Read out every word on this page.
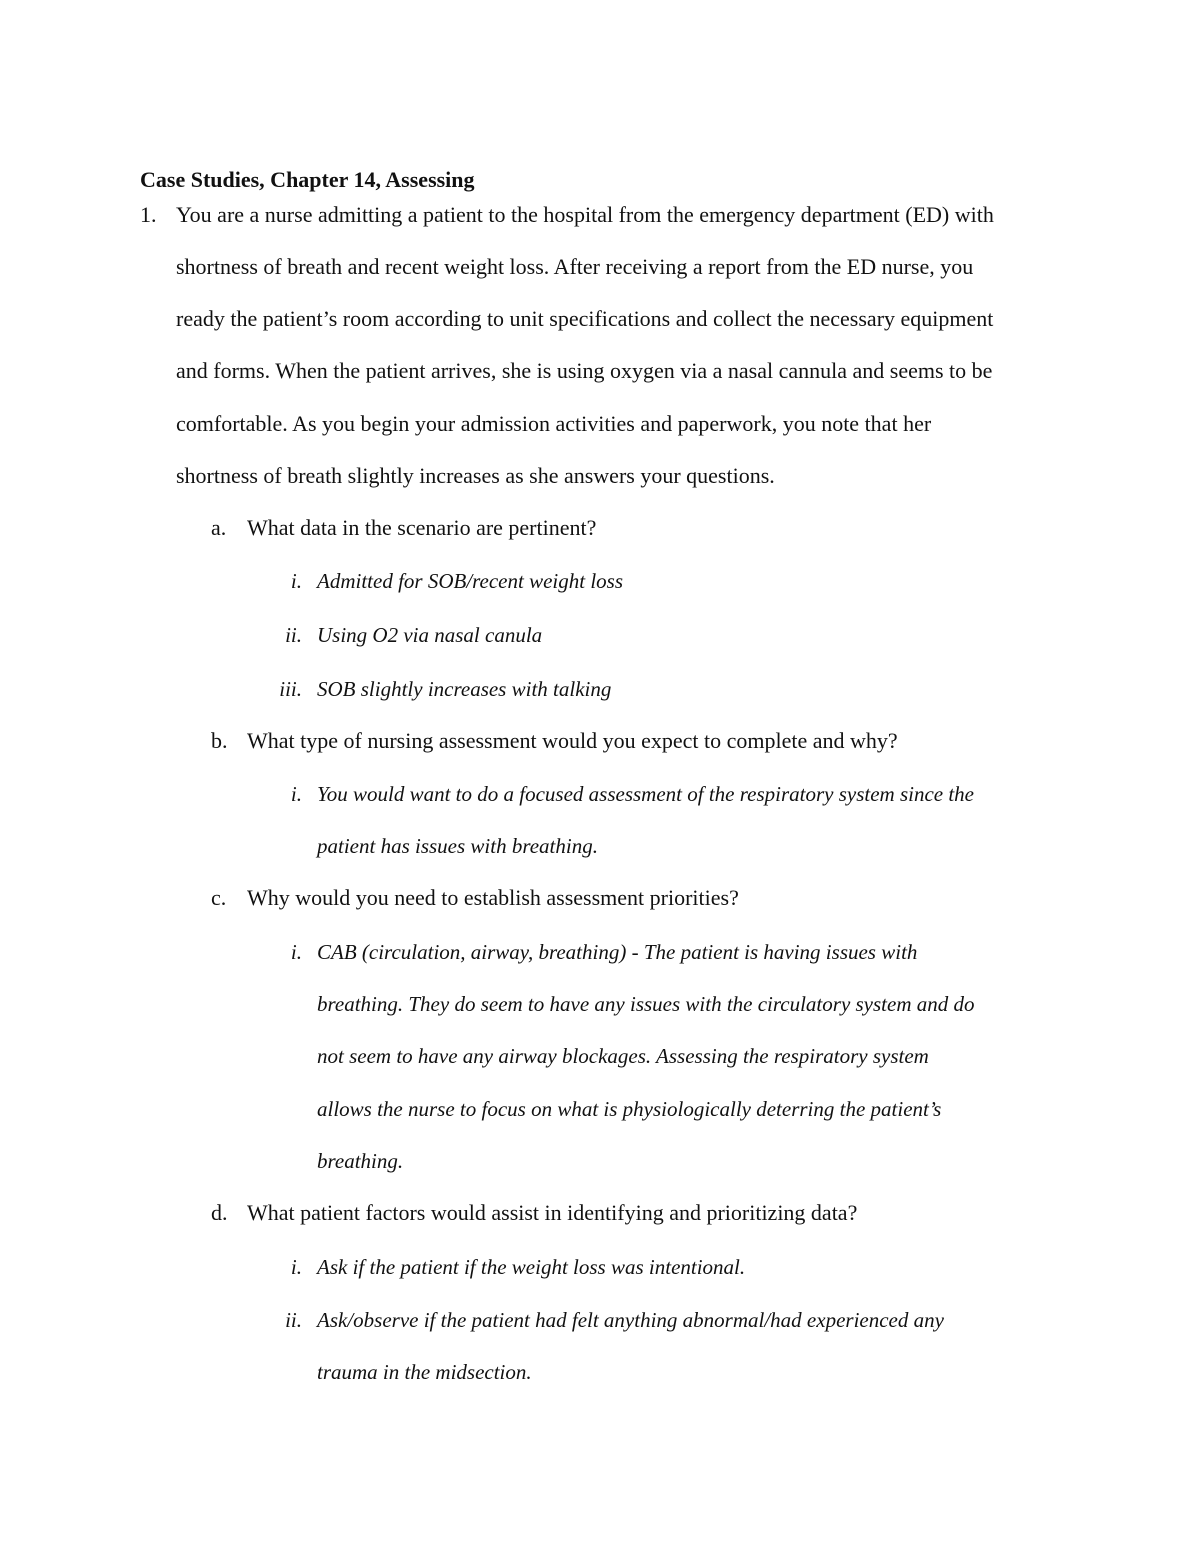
Case Studies, Chapter 14, Assessing
1. You are a nurse admitting a patient to the hospital from the emergency department (ED) with
shortness of breath and recent weight loss. After receiving a report from the ED nurse, you
ready the patient’s room according to unit specifications and collect the necessary equipment
and forms. When the patient arrives, she is using oxygen via a nasal cannula and seems to be
comfortable. As you begin your admission activities and paperwork, you note that her
shortness of breath slightly increases as she answers your questions.
a. What data in the scenario are pertinent?
i. Admitted for SOB/recent weight loss
ii. Using O2 via nasal canula
iii. SOB slightly increases with talking
b. What type of nursing assessment would you expect to complete and why?
i. You would want to do a focused assessment of the respiratory system since the
patient has issues with breathing.
c. Why would you need to establish assessment priorities?
i. CAB (circulation, airway, breathing) - The patient is having issues with
breathing. They do seem to have any issues with the circulatory system and do
not seem to have any airway blockages. Assessing the respiratory system
allows the nurse to focus on what is physiologically deterring the patient’s
breathing.
d. What patient factors would assist in identifying and prioritizing data?
i. Ask if the patient if the weight loss was intentional.
ii. Ask/observe if the patient had felt anything abnormal/had experienced any
trauma in the midsection.
